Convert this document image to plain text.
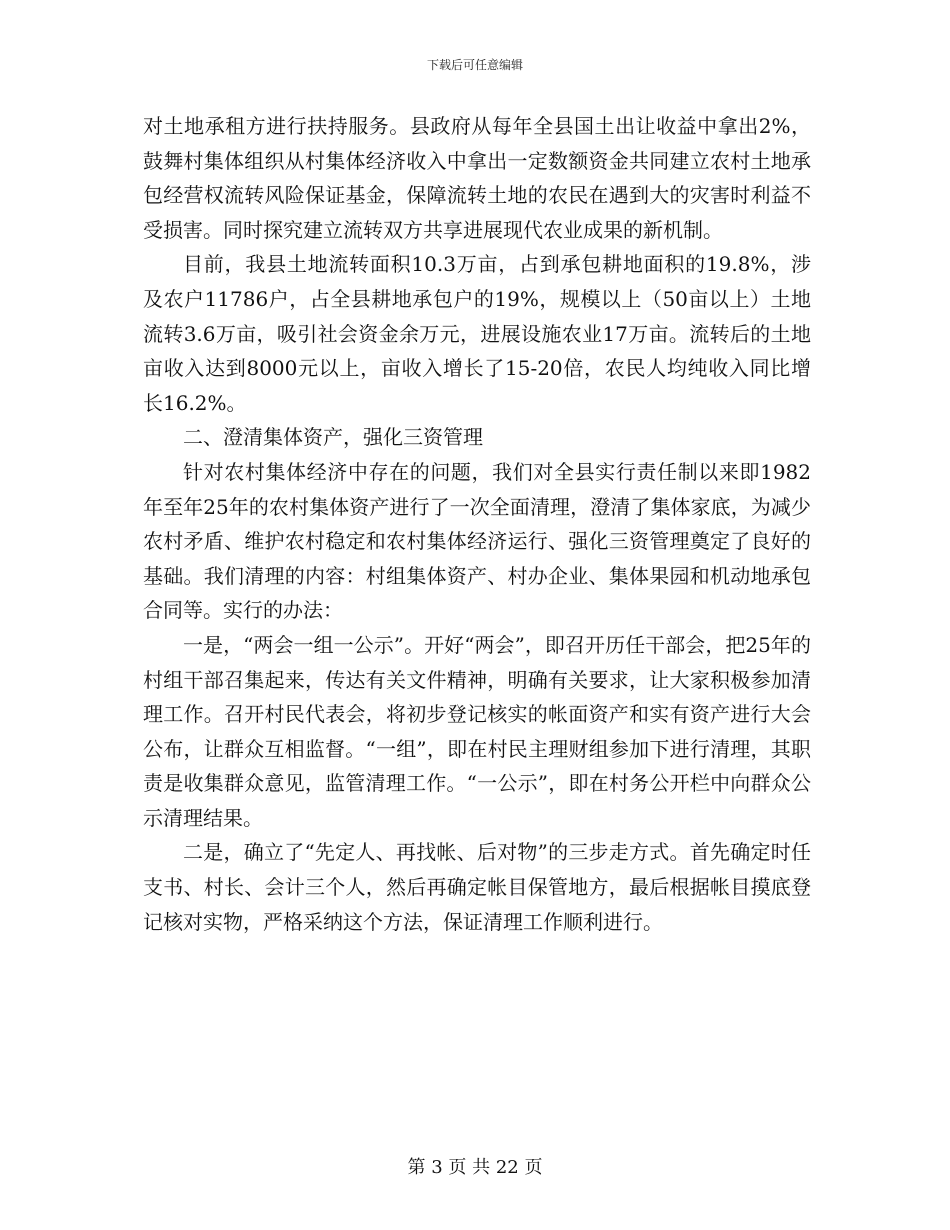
下载后可任意编辑

对土地承租方进行扶持服务。县政府从每年全县国土出让收益中拿出2%，鼓舞村集体组织从村集体经济收入中拿出一定数额资金共同建立农村土地承包经营权流转风险保证基金，保障流转土地的农民在遇到大的灾害时利益不受损害。同时探究建立流转双方共享进展现代农业成果的新机制。

目前，我县土地流转面积10.3万亩，占到承包耕地面积的19.8%，涉及农户11786户，占全县耕地承包户的19%，规模以上（50亩以上）土地流转3.6万亩，吸引社会资金余万元，进展设施农业17万亩。流转后的土地亩收入达到8000元以上，亩收入增长了15-20倍，农民人均纯收入同比增长16.2%。

二、澄清集体资产，强化三资管理

针对农村集体经济中存在的问题，我们对全县实行责任制以来即1982年至年25年的农村集体资产进行了一次全面清理，澄清了集体家底，为减少农村矛盾、维护农村稳定和农村集体经济运行、强化三资管理奠定了良好的基础。我们清理的内容：村组集体资产、村办企业、集体果园和机动地承包合同等。实行的办法：

一是，“两会一组一公示”。开好“两会”，即召开历任干部会，把25年的村组干部召集起来，传达有关文件精神，明确有关要求，让大家积极参加清理工作。召开村民代表会，将初步登记核实的帐面资产和实有资产进行大会公布，让群众互相监督。“一组”，即在村民主理财组参加下进行清理，其职责是收集群众意见，监管清理工作。“一公示”，即在村务公开栏中向群众公示清理结果。

二是，确立了“先定人、再找帐、后对物”的三步走方式。首先确定时任支书、村长、会计三个人，然后再确定帐目保管地方，最后根据帐目摸底登记核对实物，严格采纳这个方法，保证清理工作顺利进行。

第 3 页 共 22 页
